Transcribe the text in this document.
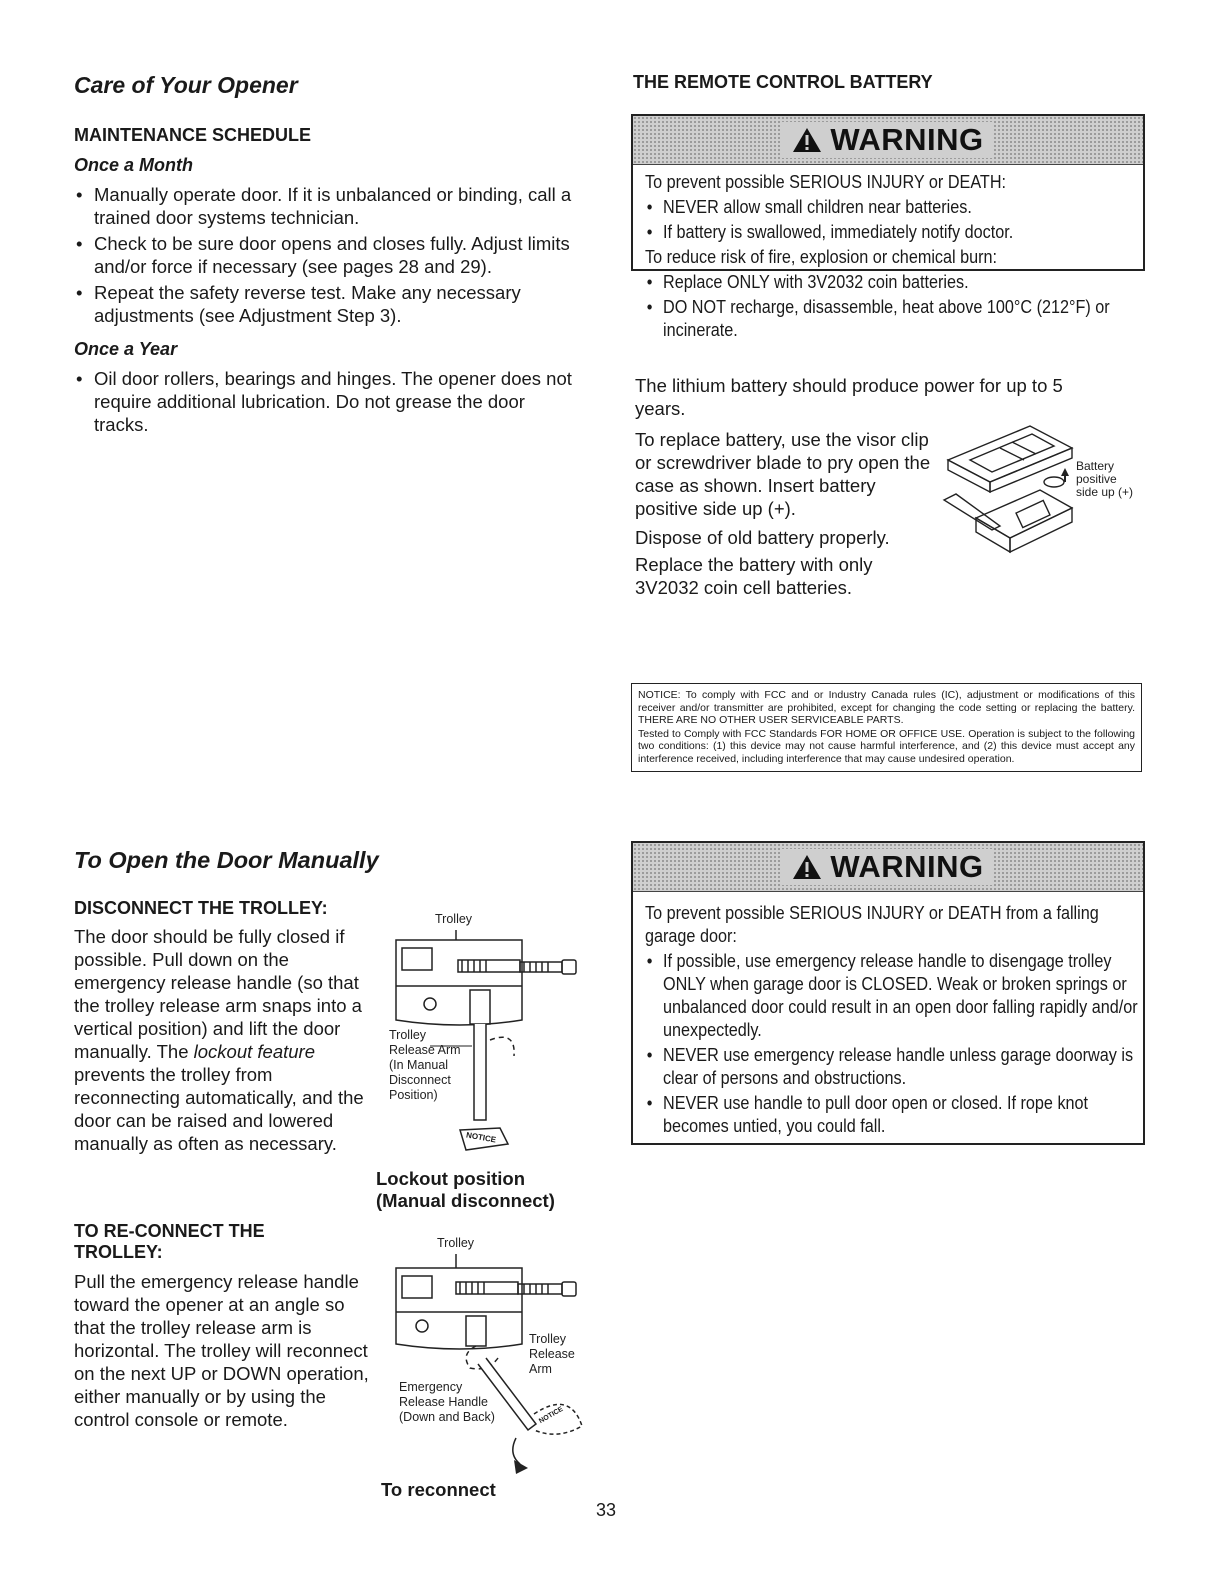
Care of Your Opener
MAINTENANCE SCHEDULE
Once a Month
• Manually operate door. If it is unbalanced or binding, call a trained door systems technician.
• Check to be sure door opens and closes fully. Adjust limits and/or force if necessary (see pages 28 and 29).
• Repeat the safety reverse test. Make any necessary adjustments (see Adjustment Step 3).
Once a Year
• Oil door rollers, bearings and hinges. The opener does not require additional lubrication. Do not grease the door tracks.
THE REMOTE CONTROL BATTERY
WARNING

To prevent possible SERIOUS INJURY or DEATH:

• NEVER allow small children near batteries.
• If battery is swallowed, immediately notify doctor.

To reduce risk of fire, explosion or chemical burn:

• Replace ONLY with 3V2032 coin batteries.
• DO NOT recharge, disassemble, heat above 100°C (212°F) or incinerate.

The lithium battery should produce power for up to 5 years.

To replace battery, use the visor clip or screwdriver blade to pry open the case as shown. Insert battery positive side up (+).

Dispose of old battery properly.

Replace the battery with only 3V2032 coin cell batteries.

Battery
positive
side up (+)

NOTICE: To comply with FCC and or Industry Canada rules (IC), adjustment or modifications of this receiver and/or transmitter are prohibited, except for changing the code setting or replacing the battery. THERE ARE NO OTHER USER SERVICEABLE PARTS.

Tested to Comply with FCC Standards FOR HOME OR OFFICE USE. Operation is subject to the following two conditions: (1) this device may not cause harmful interference, and (2) this device must accept any interference received, including interference that may cause undesired operation.

To Open the Door Manually
DISCONNECT THE TROLLEY:

The door should be fully closed if possible. Pull down on the emergency release handle (so that the trolley release arm snaps into a vertical position) and lift the door manually. The lockout feature prevents the trolley from reconnecting automatically, and the door can be raised and lowered manually as often as necessary.

TO RE-CONNECT THE
TROLLEY:

Pull the emergency release handle toward the opener at an angle so that the trolley release arm is horizontal. The trolley will reconnect on the next UP or DOWN operation, either manually or by using the control console or remote.

Trolley
Trolley
Release Arm
(In Manual
Disconnect
Position)
NOTICE
Lockout position
(Manual disconnect)
Trolley
Trolley
Release
Arm
Emergency
Release Handle
(Down and Back)	NOTICE
To reconnect
WARNING

To prevent possible SERIOUS INJURY or DEATH from a falling garage door:

• If possible, use emergency release handle to disengage trolley ONLY when garage door is CLOSED. Weak or broken springs or unbalanced door could result in an open door falling rapidly and/or unexpectedly.
• NEVER use emergency release handle unless garage doorway is clear of persons and obstructions.
• NEVER use handle to pull door open or closed. If rope knot becomes untied, you could fall.
33
